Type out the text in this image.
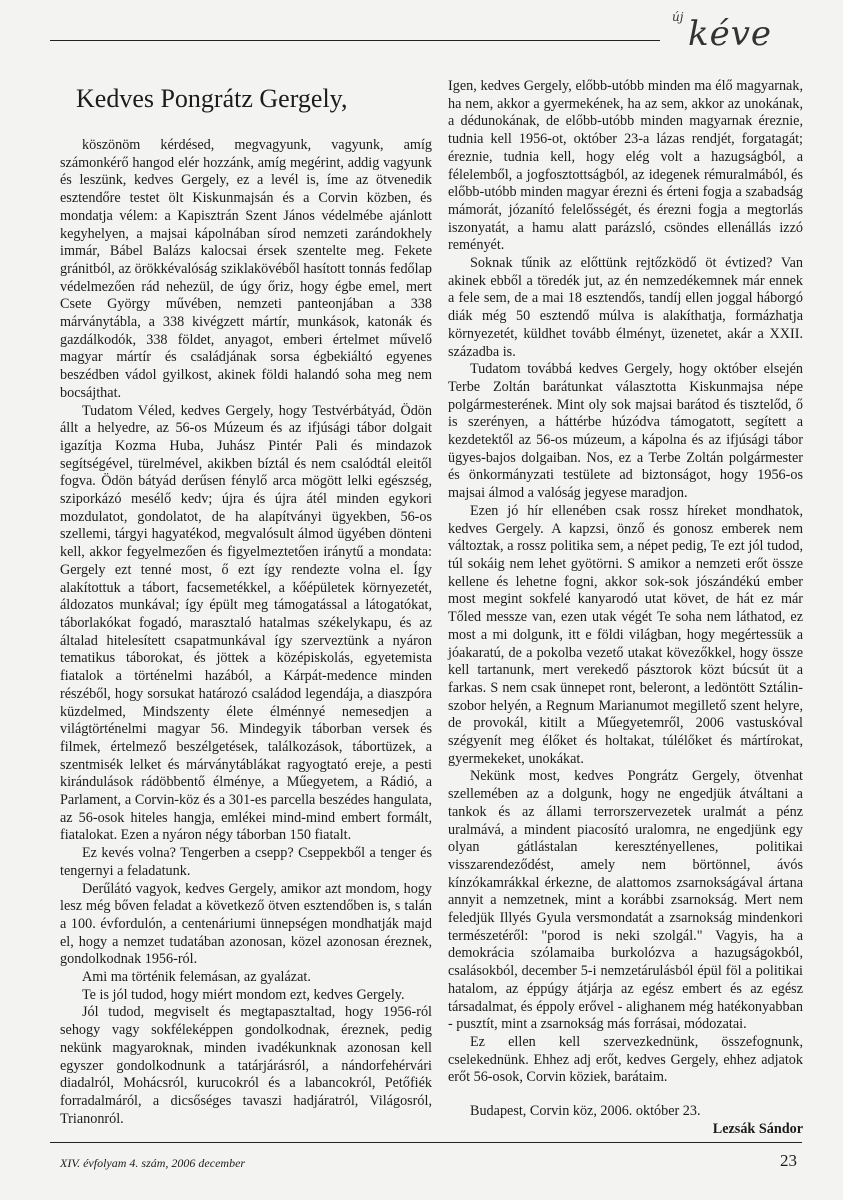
új kéve
Kedves Pongrátz Gergely,

köszönöm kérdésed, megvagyunk, vagyunk, amíg számonkérő hangod elér hozzánk, amíg megérint, addig vagyunk és leszünk, kedves Gergely, ez a levél is, íme az ötvenedik esztendőre testet ölt Kiskunmajsán és a Corvin közben, és mondatja vélem: a Kapisztrán Szent János védelmébe ajánlott kegyhelyen, a majsai kápolnában sírod nemzeti zarándokhely immár, Bábel Balázs kalocsai érsek szentelte meg. Fekete gránitból, az örökkévalóság sziklakövéből hasított tonnás fedőlap védelmezően rád nehezül, de úgy őriz, hogy égbe emel, mert Csete György művében, nemzeti panteonjában a 338 márványtábla, a 338 kivégzett mártír, munkások, katonák és gazdálkodók, 338 földet, anyagot, emberi értelmet művelő magyar mártír és családjának sorsa égbekiáltó egyenes beszédben vádol gyilkost, akinek földi halandó soha meg nem bocsájthat.

Tudatom Véled, kedves Gergely, hogy Testvérbátyád, Ödön állt a helyedre, az 56-os Múzeum és az ifjúsági tábor dolgait igazítja Kozma Huba, Juhász Pintér Pali és mindazok segítségével, türelmével, akikben bíztál és nem csalódtál eleitől fogva. Ödön bátyád derűsen fénylő arca mögött lelki egészség, sziporkázó mesélő kedv; újra és újra átél minden egykori mozdulatot, gondolatot, de ha alapítványi ügyekben, 56-os szellemi, tárgyi hagyatékod, megvalósult álmod ügyében dönteni kell, akkor fegyelmezően és figyelmeztetően iránytű a mondata: Gergely ezt tenné most, ő ezt így rendezte volna el. Így alakítottuk a tábort, facsemetékkel, a kőépületek környezetét, áldozatos munkával; így épült meg támogatással a látogatókat, táborlakókat fogadó, marasztaló hatalmas székelykapu, és az általad hitelesített csapatmunkával így szerveztünk a nyáron tematikus táborokat, és jöttek a középiskolás, egyetemista fiatalok a történelmi hazából, a Kárpát-medence minden részéből, hogy sorsukat határozó családod legendája, a diaszpóra küzdelmed, Mindszenty élete élménnyé nemesedjen a világtörténelmi magyar 56. Mindegyik táborban versek és filmek, értelmező beszélgetések, találkozások, tábortüzek, a szentmisék lelket és márványtáblákat ragyogtató ereje, a pesti kirándulások rádöbbentő élménye, a Műegyetem, a Rádió, a Parlament, a Corvin-köz és a 301-es parcella beszédes hangulata, az 56-osok hiteles hangja, emlékei mind-mind embert formált, fiatalokat. Ezen a nyáron négy táborban 150 fiatalt.

Ez kevés volna? Tengerben a csepp? Cseppekből a tenger és tengernyi a feladatunk.

Derűlátó vagyok, kedves Gergely, amikor azt mondom, hogy lesz még bőven feladat a következő ötven esztendőben is, s talán a 100. évfordulón, a centenáriumi ünnepségen mondhatják majd el, hogy a nemzet tudatában azonosan, közel azonosan éreznek, gondolkodnak 1956-ról.

Ami ma történik felemásan, az gyalázat.

Te is jól tudod, hogy miért mondom ezt, kedves Gergely.

Jól tudod, megviselt és megtapasztaltad, hogy 1956-ról sehogy vagy sokféleképpen gondolkodnak, éreznek, pedig nekünk magyaroknak, minden ivadékunknak azonosan kell egyszer gondolkodnunk a tatárjárásról, a nándorfehérvári diadalról, Mohácsról, kurucokról és a labancokról, Petőfiék forradalmáról, a dicsőséges tavaszi hadjáratról, Világosról, Trianonról.

Igen, kedves Gergely, előbb-utóbb minden ma élő magyarnak, ha nem, akkor a gyermekének, ha az sem, akkor az unokának, a dédunokának, de előbb-utóbb minden magyarnak éreznie, tudnia kell 1956-ot, október 23-a lázas rendjét, forgatagát; éreznie, tudnia kell, hogy elég volt a hazugságból, a félelemből, a jogfosztottságból, az idegenek rémuralmából, és előbb-utóbb minden magyar érezni és érteni fogja a szabadság mámorát, józanító felelősségét, és érezni fogja a megtorlás iszonyatát, a hamu alatt parázsló, csöndes ellenállás izzó reményét.

Soknak tűnik az előttünk rejtőzködő öt évtized? Van akinek ebből a töredék jut, az én nemzedékemnek már ennek a fele sem, de a mai 18 esztendős, tandíj ellen joggal háborgó diák még 50 esztendő múlva is alakíthatja, formázhatja környezetét, küldhet tovább élményt, üzenetet, akár a XXII. századba is.

Tudatom továbbá kedves Gergely, hogy október elsején Terbe Zoltán barátunkat választotta Kiskunmajsa népe polgármesterének. Mint oly sok majsai barátod és tisztelőd, ő is szerényen, a háttérbe húzódva támogatott, segített a kezdetektől az 56-os múzeum, a kápolna és az ifjúsági tábor ügyes-bajos dolgaiban. Nos, ez a Terbe Zoltán polgármester és önkormányzati testülete ad biztonságot, hogy 1956-os majsai álmod a valóság jegyese maradjon.

Ezen jó hír ellenében csak rossz híreket mondhatok, kedves Gergely. A kapzsi, önző és gonosz emberek nem változtak, a rossz politika sem, a népet pedig, Te ezt jól tudod, túl sokáig nem lehet gyötörni. S amikor a nemzeti erőt össze kellene és lehetne fogni, akkor sok-sok jószándékú ember most megint sokfelé kanyarodó utat követ, de hát ez már Tőled messze van, ezen utak végét Te soha nem láthatod, ez most a mi dolgunk, itt e földi világban, hogy megértessük a jóakaratú, de a pokolba vezető utakat kövezőkkel, hogy össze kell tartanunk, mert verekedő pásztorok közt búcsút üt a farkas. S nem csak ünnepet ront, beleront, a ledöntött Sztálin-szobor helyén, a Regnum Marianumot megillető szent helyre, de provokál, kitilt a Műegyetemről, 2006 vastuskóval szégyenít meg élőket és holtakat, túlélőket és mártírokat, gyermekeket, unokákat.

Nekünk most, kedves Pongrátz Gergely, ötvenhat szellemében az a dolgunk, hogy ne engedjük átváltani a tankok és az állami terrorszervezetek uralmát a pénz uralmává, a mindent piacosító uralomra, ne engedjünk egy olyan gátlástalan keresztényellenes, politikai visszarendeződést, amely nem börtönnel, ávós kínzókamrákkal érkezne, de alattomos zsarnokságával ártana annyit a nemzetnek, mint a korábbi zsarnokság. Mert nem feledjük Illyés Gyula versmondatát a zsarnokság mindenkori természetéről: "porod is neki szolgál." Vagyis, ha a demokrácia szólamaiba burkolózva a hazugságokból, csalásokból, december 5-i nemzetárulásból épül föl a politikai hatalom, az éppúgy átjárja az egész embert és az egész társadalmat, és éppoly erővel - alighanem még hatékonyabban - pusztít, mint a zsarnokság más forrásai, módozatai.

Ez ellen kell szervezkednünk, összefognunk, cselekednünk. Ehhez adj erőt, kedves Gergely, ehhez adjatok erőt 56-osok, Corvin köziek, barátaim.

Budapest, Corvin köz, 2006. október 23.

Lezsák Sándor
XIV. évfolyam 4. szám, 2006 december	23
